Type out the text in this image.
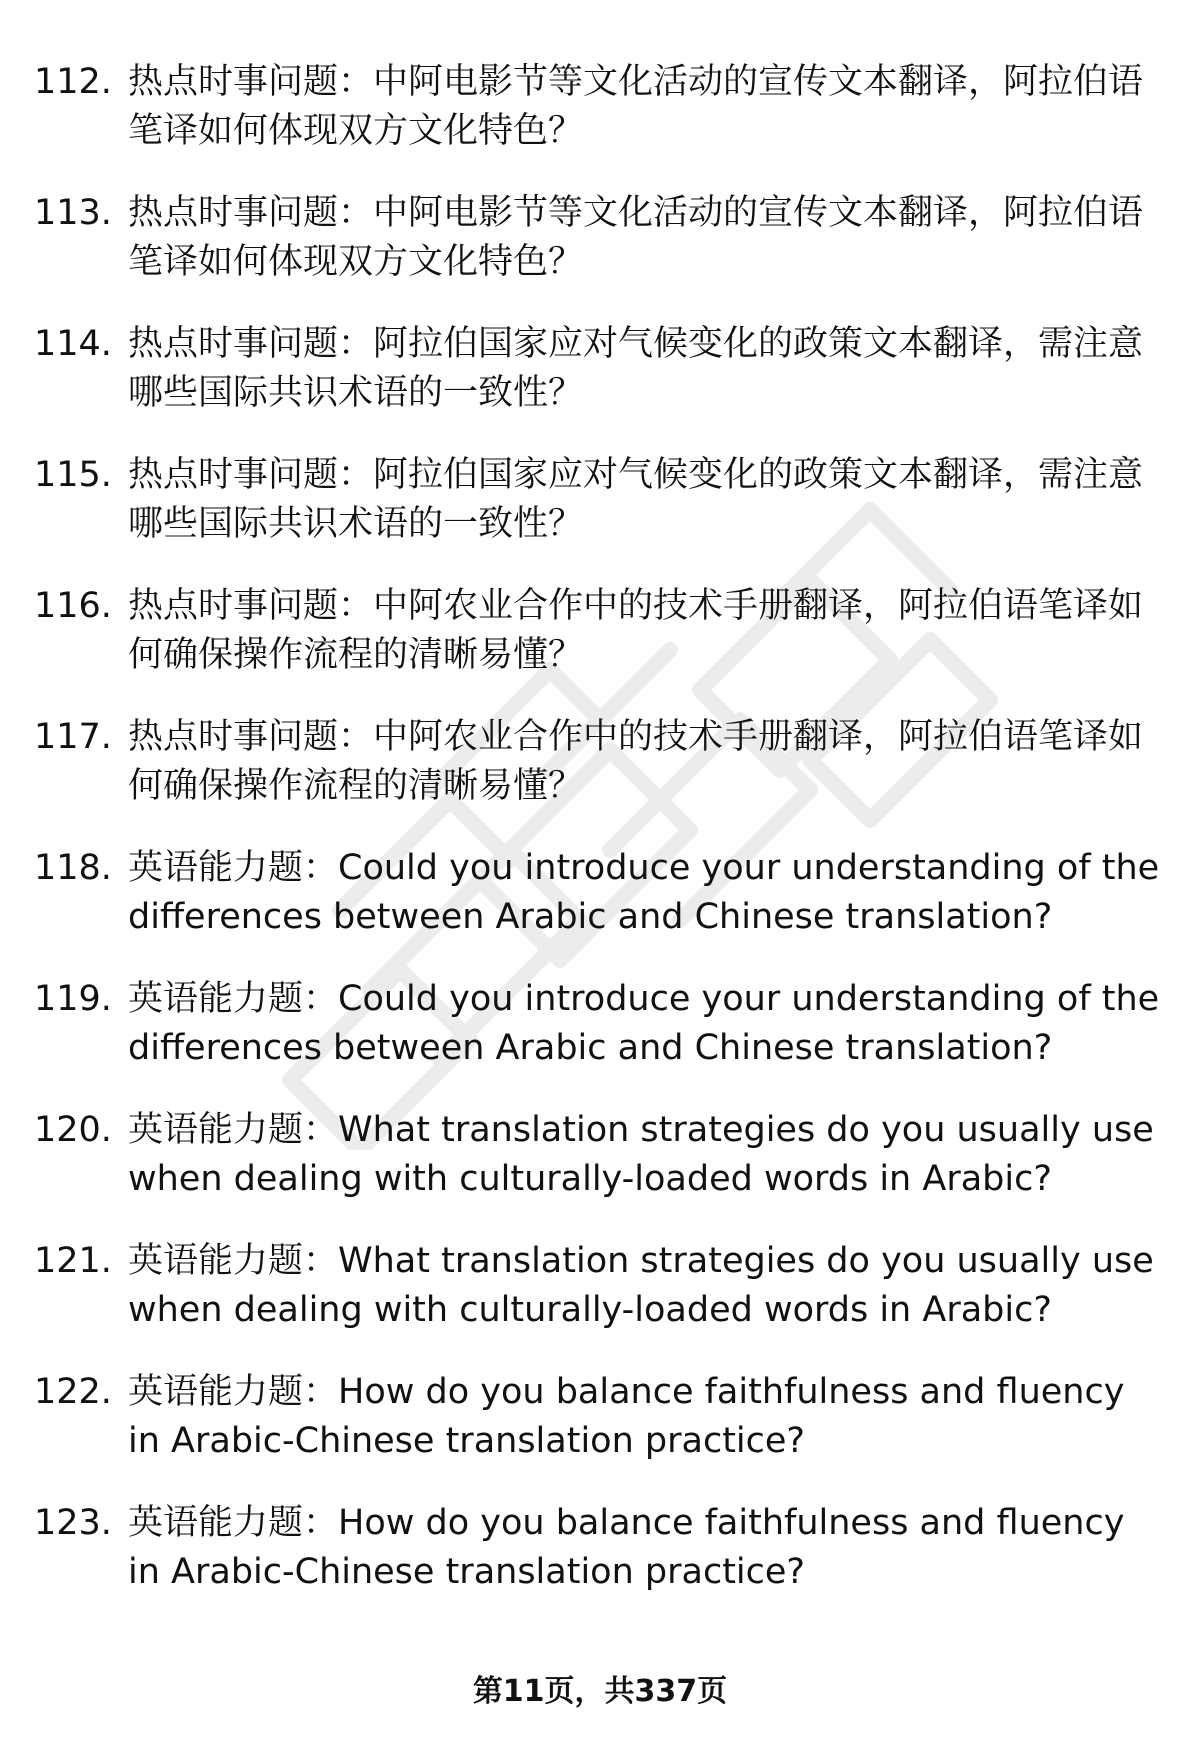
112. 热点时事问题：中阿电影节等文化活动的宣传文本翻译，阿拉伯语笔译如何体现双方文化特色？
113. 热点时事问题：中阿电影节等文化活动的宣传文本翻译，阿拉伯语笔译如何体现双方文化特色？
114. 热点时事问题：阿拉伯国家应对气候变化的政策文本翻译，需注意哪些国际共识术语的一致性？
115. 热点时事问题：阿拉伯国家应对气候变化的政策文本翻译，需注意哪些国际共识术语的一致性？
116. 热点时事问题：中阿农业合作中的技术手册翻译，阿拉伯语笔译如何确保操作流程的清晰易懂？
117. 热点时事问题：中阿农业合作中的技术手册翻译，阿拉伯语笔译如何确保操作流程的清晰易懂？
118. 英语能力题：Could you introduce your understanding of the differences between Arabic and Chinese translation?
119. 英语能力题：Could you introduce your understanding of the differences between Arabic and Chinese translation?
120. 英语能力题：What translation strategies do you usually use when dealing with culturally-loaded words in Arabic?
121. 英语能力题：What translation strategies do you usually use when dealing with culturally-loaded words in Arabic?
122. 英语能力题：How do you balance faithfulness and fluency in Arabic-Chinese translation practice?
123. 英语能力题：How do you balance faithfulness and fluency in Arabic-Chinese translation practice?
第11页，共337页
